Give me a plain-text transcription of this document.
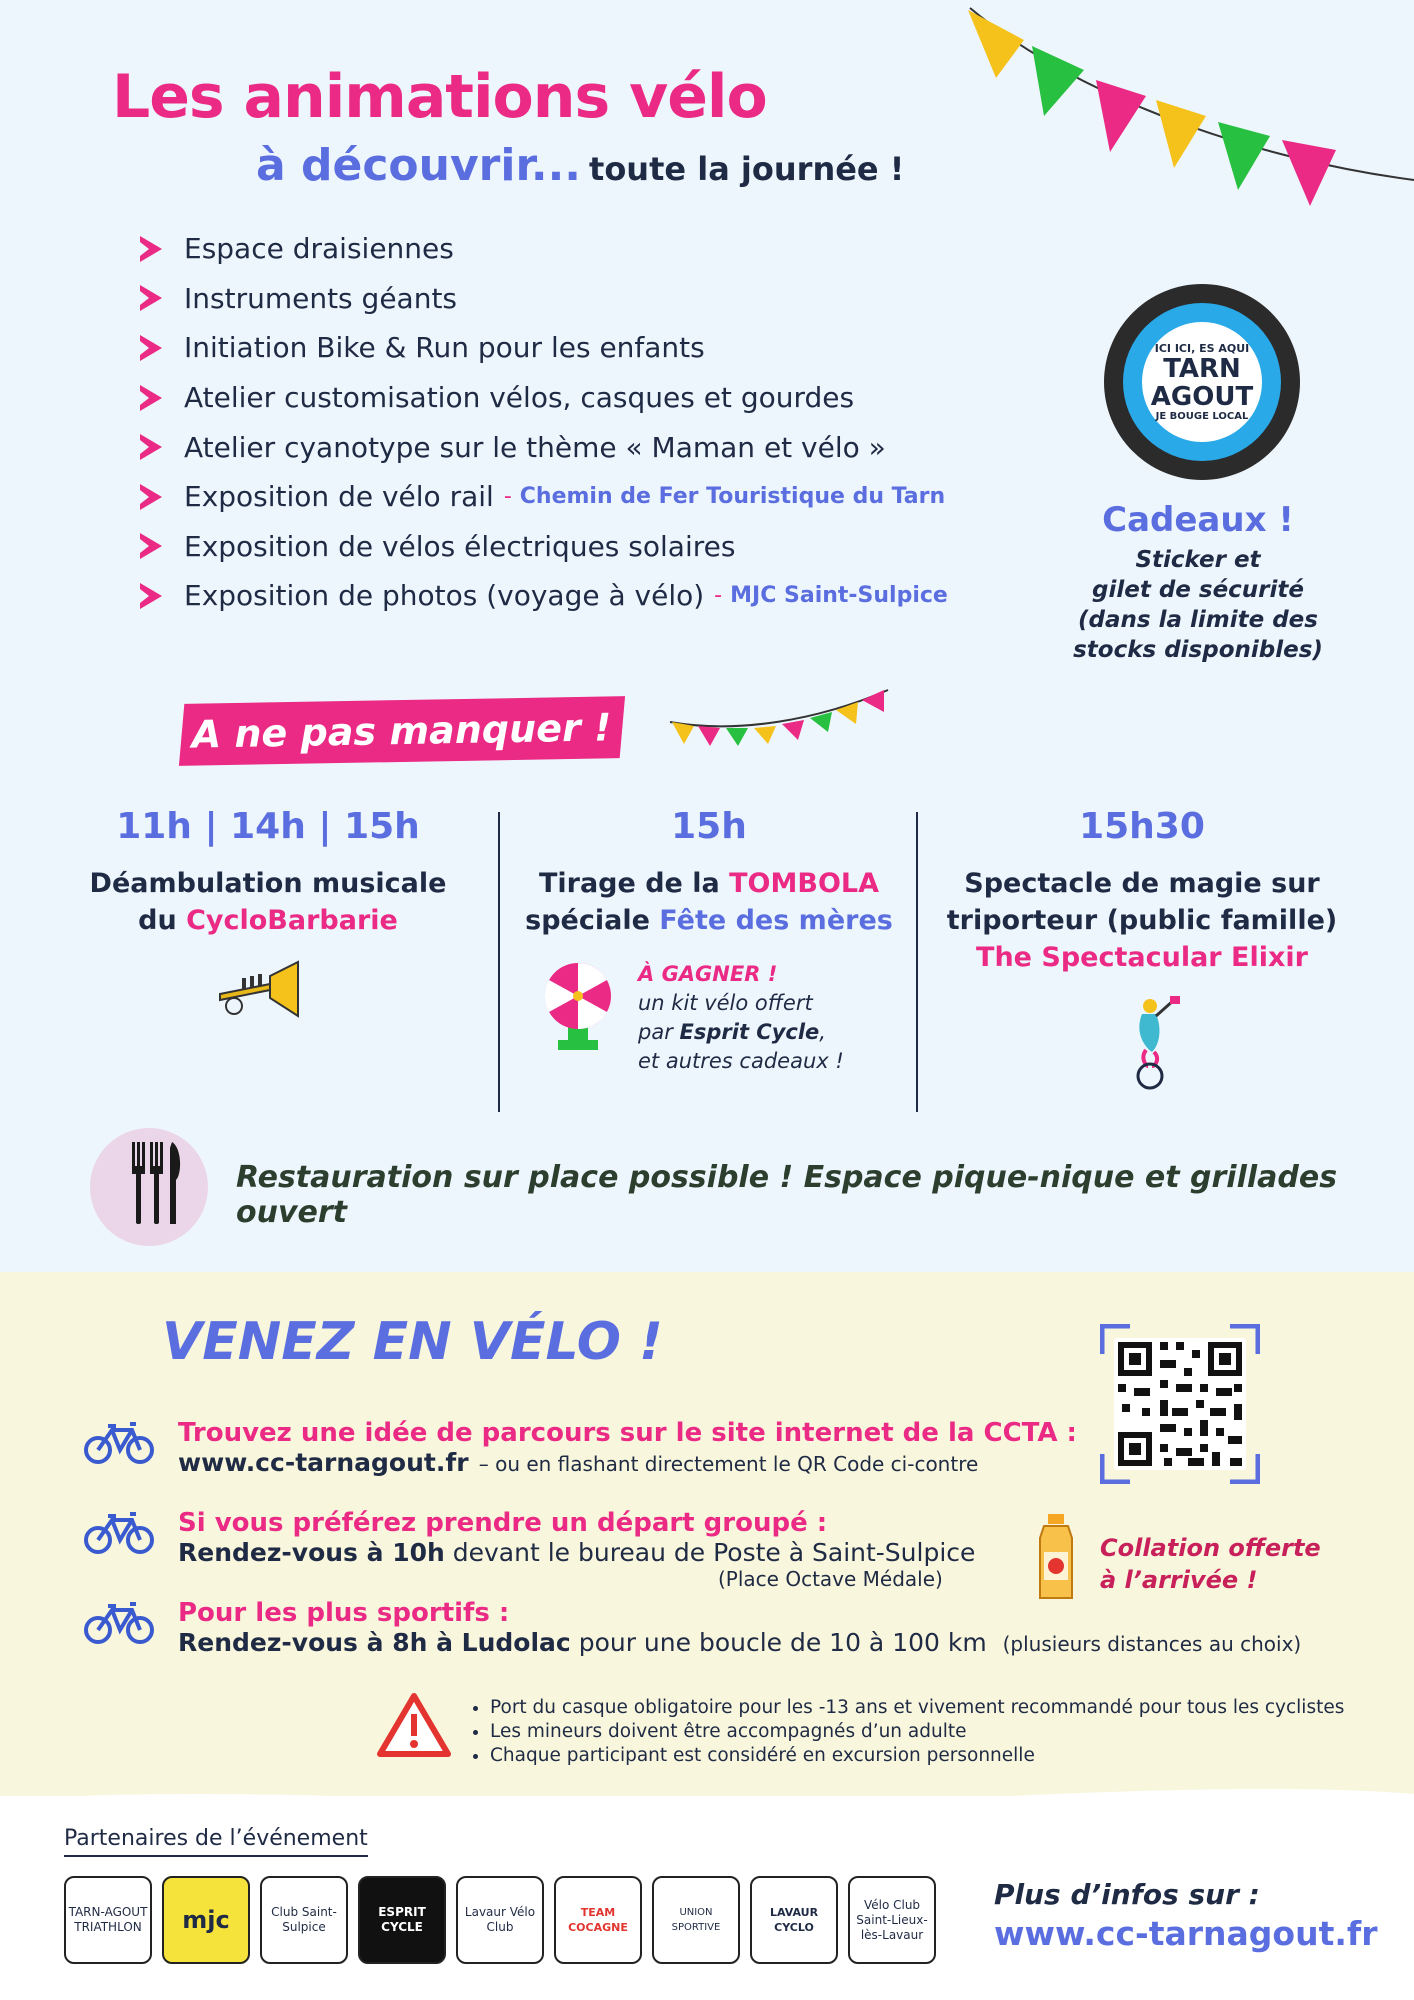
Les animations vélo
à découvrir... toute la journée !
Espace draisiennes
Instruments géants
Initiation Bike & Run pour les enfants
Atelier customisation vélos, casques et gourdes
Atelier cyanotype sur le thème « Maman et vélo »
Exposition de vélo rail - Chemin de Fer Touristique du Tarn
Exposition de vélos électriques solaires
Exposition de photos (voyage à vélo) - MJC Saint-Sulpice
ICI ICI, ES AQUI
TARN AGOUT
JE BOUGE LOCAL
Cadeaux !
Sticker et
gilet de sécurité
(dans la limite des
stocks disponibles)
A ne pas manquer !
11h | 14h | 15h
Déambulation musicale
du CycloBarbarie
15h
Tirage de la TOMBOLA
spéciale Fête des mères
À GAGNER !
un kit vélo offert
par Esprit Cycle,
et autres cadeaux !
15h30
Spectacle de magie sur
triporteur (public famille)
The Spectacular Elixir
Restauration sur place possible ! Espace pique-nique et grillades ouvert
VENEZ EN VÉLO !
Trouvez une idée de parcours sur le site internet de la CCTA :
www.cc-tarnagout.fr – ou en flashant directement le QR Code ci-contre
Si vous préférez prendre un départ groupé :
Rendez-vous à 10h devant le bureau de Poste à Saint-Sulpice
(Place Octave Médale)
Pour les plus sportifs :
Rendez-vous à 8h à Ludolac pour une boucle de 10 à 100 km (plusieurs distances au choix)
Collation offerte
à l’arrivée !
• Port du casque obligatoire pour les -13 ans et vivement recommandé pour tous les cyclistes
• Les mineurs doivent être accompagnés d’un adulte
• Chaque participant est considéré en excursion personnelle
Partenaires de l’événement
TARN-AGOUT TRIATHLON	mjc	Club Saint-Sulpice
ESPRIT CYCLE
Lavaur Vélo Club
TEAM COCAGNE
UNION SPORTIVE
LAVAUR CYCLO
Vélo Club Saint-Lieux-lès-Lavaur
Plus d’infos sur :
www.cc-tarnagout.fr
